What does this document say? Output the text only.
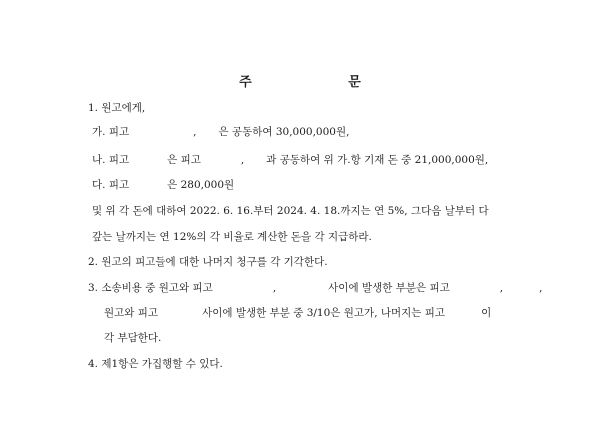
주 문
1. 원고에게,
가. 피고	, 은 공동하여 30,000,000원,
나. 피고	은 피고	, 과 공동하여 위 가.항 기재 돈 중 21,000,000원,
다. 피고	은 280,000원
및 위 각 돈에 대하여 2022. 6. 16.부터 2024. 4. 18.까지는 연 5%, 그다음 날부터 다
갚는 날까지는 연 12%의 각 비율로 계산한 돈을 각 지급하라.
2. 원고의 피고들에 대한 나머지 청구를 각 기각한다.
3. 소송비용 중 원고와 피고	,	사이에 발생한 부분은 피고	,	,
원고와 피고	사이에 발생한 부분 중 3/10은 원고가, 나머지는 피고	이
각 부담한다.
4. 제1항은 가집행할 수 있다.
